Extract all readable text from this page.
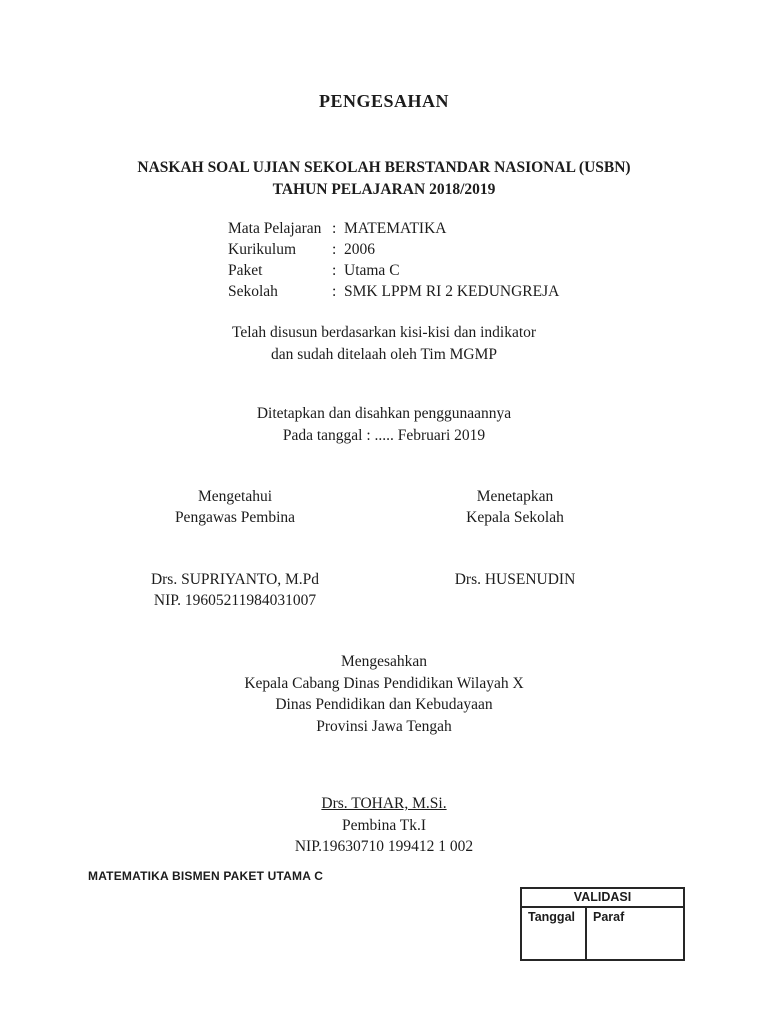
PENGESAHAN
NASKAH SOAL UJIAN SEKOLAH BERSTANDAR NASIONAL (USBN)
TAHUN PELAJARAN 2018/2019
Mata Pelajaran : MATEMATIKA
Kurikulum	: 2006
Paket	: Utama C
Sekolah	: SMK LPPM RI 2 KEDUNGREJA
Telah disusun berdasarkan kisi-kisi dan indikator
dan sudah ditelaah oleh Tim MGMP
Ditetapkan dan disahkan penggunaannya
Pada tanggal : ..... Februari 2019
Mengetahui
Pengawas Pembina
Drs. SUPRIYANTO, M.Pd
NIP. 19605211984031007
Menetapkan
Kepala Sekolah
Drs. HUSENUDIN
Mengesahkan
Kepala Cabang Dinas Pendidikan Wilayah X
Dinas Pendidikan dan Kebudayaan
Provinsi Jawa Tengah
Drs. TOHAR, M.Si.
Pembina Tk.I
NIP.19630710 199412 1 002
MATEMATIKA BISMEN PAKET UTAMA C
VALIDASI
Tanggal	Paraf
